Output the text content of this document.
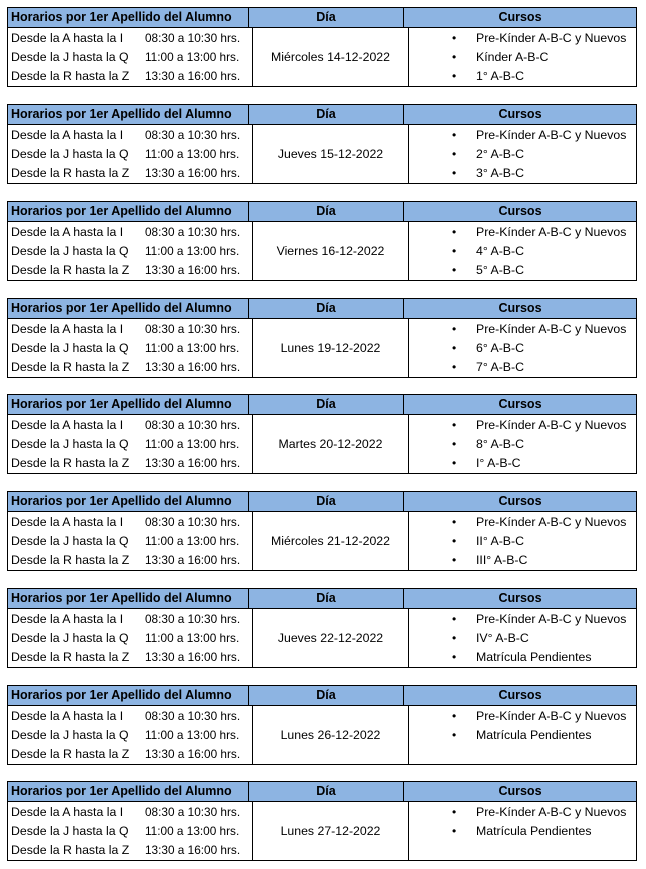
Horarios por 1er Apellido del Alumno	Día	Cursos
Desde la A hasta la I	08:30 a 10:30 hrs.
Desde la J hasta la Q	11:00 a 13:00 hrs.
Desde la R hasta la Z	13:30 a 16:00 hrs.
Miércoles 14-12-2022
• Pre-Kínder A-B-C y Nuevos
• Kínder A-B-C
• 1° A-B-C
Horarios por 1er Apellido del Alumno	Día	Cursos
Desde la A hasta la I	08:30 a 10:30 hrs.
Desde la J hasta la Q	11:00 a 13:00 hrs.
Desde la R hasta la Z	13:30 a 16:00 hrs.
Jueves 15-12-2022
• Pre-Kínder A-B-C y Nuevos
• 2° A-B-C
• 3° A-B-C
Horarios por 1er Apellido del Alumno	Día	Cursos
Desde la A hasta la I	08:30 a 10:30 hrs.
Desde la J hasta la Q	11:00 a 13:00 hrs.
Desde la R hasta la Z	13:30 a 16:00 hrs.
Viernes 16-12-2022
• Pre-Kínder A-B-C y Nuevos
• 4° A-B-C
• 5° A-B-C
Horarios por 1er Apellido del Alumno	Día	Cursos
Desde la A hasta la I	08:30 a 10:30 hrs.
Desde la J hasta la Q	11:00 a 13:00 hrs.
Desde la R hasta la Z	13:30 a 16:00 hrs.
Lunes 19-12-2022
• Pre-Kínder A-B-C y Nuevos
• 6° A-B-C
• 7° A-B-C
Horarios por 1er Apellido del Alumno	Día	Cursos
Desde la A hasta la I	08:30 a 10:30 hrs.
Desde la J hasta la Q	11:00 a 13:00 hrs.
Desde la R hasta la Z	13:30 a 16:00 hrs.
Martes 20-12-2022
• Pre-Kínder A-B-C y Nuevos
• 8° A-B-C
• I° A-B-C
Horarios por 1er Apellido del Alumno	Día	Cursos
Desde la A hasta la I	08:30 a 10:30 hrs.
Desde la J hasta la Q	11:00 a 13:00 hrs.
Desde la R hasta la Z	13:30 a 16:00 hrs.
Miércoles 21-12-2022
• Pre-Kínder A-B-C y Nuevos
• II° A-B-C
• III° A-B-C
Horarios por 1er Apellido del Alumno	Día	Cursos
Desde la A hasta la I	08:30 a 10:30 hrs.
Desde la J hasta la Q	11:00 a 13:00 hrs.
Desde la R hasta la Z	13:30 a 16:00 hrs.
Jueves 22-12-2022
• Pre-Kínder A-B-C y Nuevos
• IV° A-B-C
• Matrícula Pendientes
Horarios por 1er Apellido del Alumno	Día	Cursos
Desde la A hasta la I	08:30 a 10:30 hrs.
Desde la J hasta la Q	11:00 a 13:00 hrs.
Desde la R hasta la Z	13:30 a 16:00 hrs.
Lunes 26-12-2022
• Pre-Kínder A-B-C y Nuevos
• Matrícula Pendientes
Horarios por 1er Apellido del Alumno	Día	Cursos
Desde la A hasta la I	08:30 a 10:30 hrs.
Desde la J hasta la Q	11:00 a 13:00 hrs.
Desde la R hasta la Z	13:30 a 16:00 hrs.
Lunes 27-12-2022
• Pre-Kínder A-B-C y Nuevos
• Matrícula Pendientes
